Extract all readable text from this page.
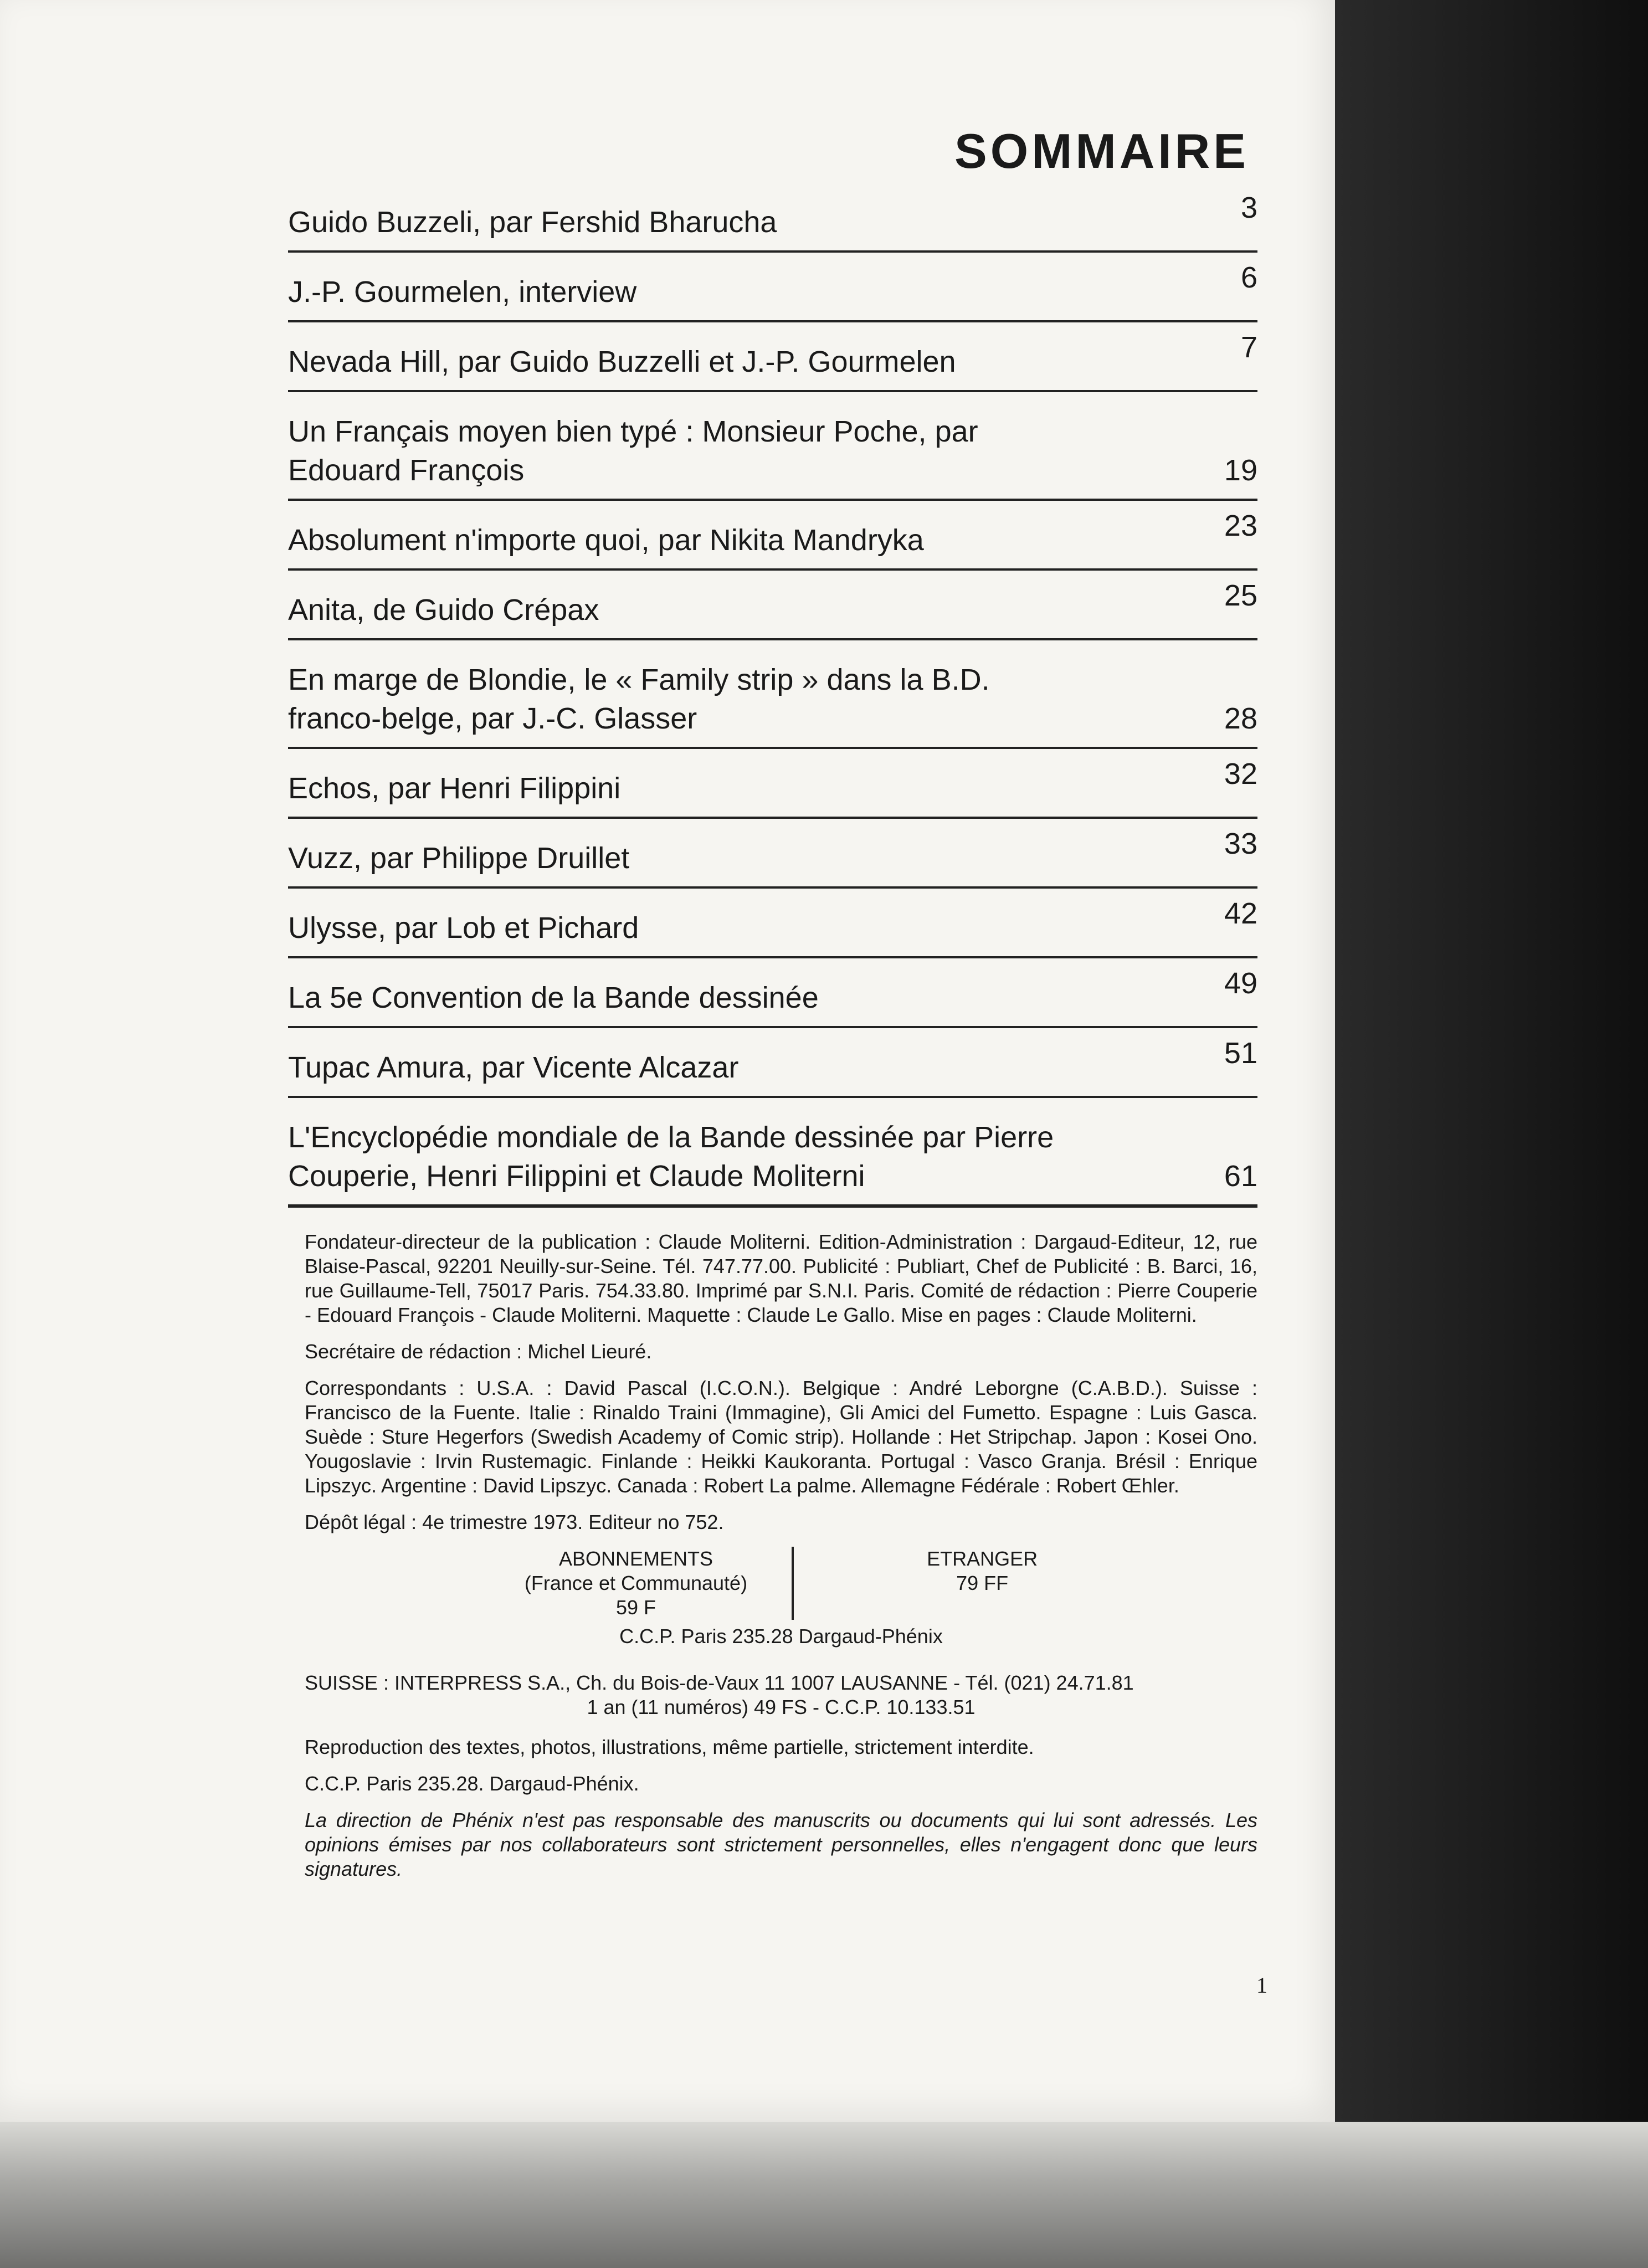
SOMMAIRE
Guido Buzzeli, par Fershid Bharucha	3
J.-P. Gourmelen, interview	6
Nevada Hill, par Guido Buzzelli et J.-P. Gourmelen	7
Un Français moyen bien typé : Monsieur Poche, par Edouard François	19
Absolument n'importe quoi, par Nikita Mandryka	23
Anita, de Guido Crépax	25
En marge de Blondie, le « Family strip » dans la B.D. franco-belge, par J.-C. Glasser	28
Echos, par Henri Filippini	32
Vuzz, par Philippe Druillet	33
Ulysse, par Lob et Pichard	42
La 5e Convention de la Bande dessinée	49
Tupac Amura, par Vicente Alcazar	51
L'Encyclopédie mondiale de la Bande dessinée par Pierre Couperie, Henri Filippini et Claude Moliterni	61

Fondateur-directeur de la publication : Claude Moliterni. Edition-Administration : Dargaud-Editeur, 12, rue Blaise-Pascal, 92201 Neuilly-sur-Seine. Tél. 747.77.00. Publicité : Publiart, Chef de Publicité : B. Barci, 16, rue Guillaume-Tell, 75017 Paris. 754.33.80. Imprimé par S.N.I. Paris. Comité de rédaction : Pierre Couperie - Edouard François - Claude Moliterni. Maquette : Claude Le Gallo. Mise en pages : Claude Moliterni.

Secrétaire de rédaction : Michel Lieuré.

Correspondants : U.S.A. : David Pascal (I.C.O.N.). Belgique : André Leborgne (C.A.B.D.). Suisse : Francisco de la Fuente. Italie : Rinaldo Traini (Immagine), Gli Amici del Fumetto. Espagne : Luis Gasca. Suède : Sture Hegerfors (Swedish Academy of Comic strip). Hollande : Het Stripchap. Japon : Kosei Ono. Yougoslavie : Irvin Rustemagic. Finlande : Heikki Kaukoranta. Portugal : Vasco Granja. Brésil : Enrique Lipszyc. Argentine : David Lipszyc. Canada : Robert La palme. Allemagne Fédérale : Robert Œhler.

Dépôt légal : 4e trimestre 1973. Editeur no 752.

ABONNEMENTS
(France et Communauté)
59 F
ETRANGER
79 FF
C.C.P. Paris 235.28 Dargaud-Phénix

SUISSE : INTERPRESS S.A., Ch. du Bois-de-Vaux 11 1007 LAUSANNE - Tél. (021) 24.71.81

1 an (11 numéros) 49 FS - C.C.P. 10.133.51

Reproduction des textes, photos, illustrations, même partielle, strictement interdite.

C.C.P. Paris 235.28. Dargaud-Phénix.

La direction de Phénix n'est pas responsable des manuscrits ou documents qui lui sont adressés. Les opinions émises par nos collaborateurs sont strictement personnelles, elles n'engagent donc que leurs signatures.

1
